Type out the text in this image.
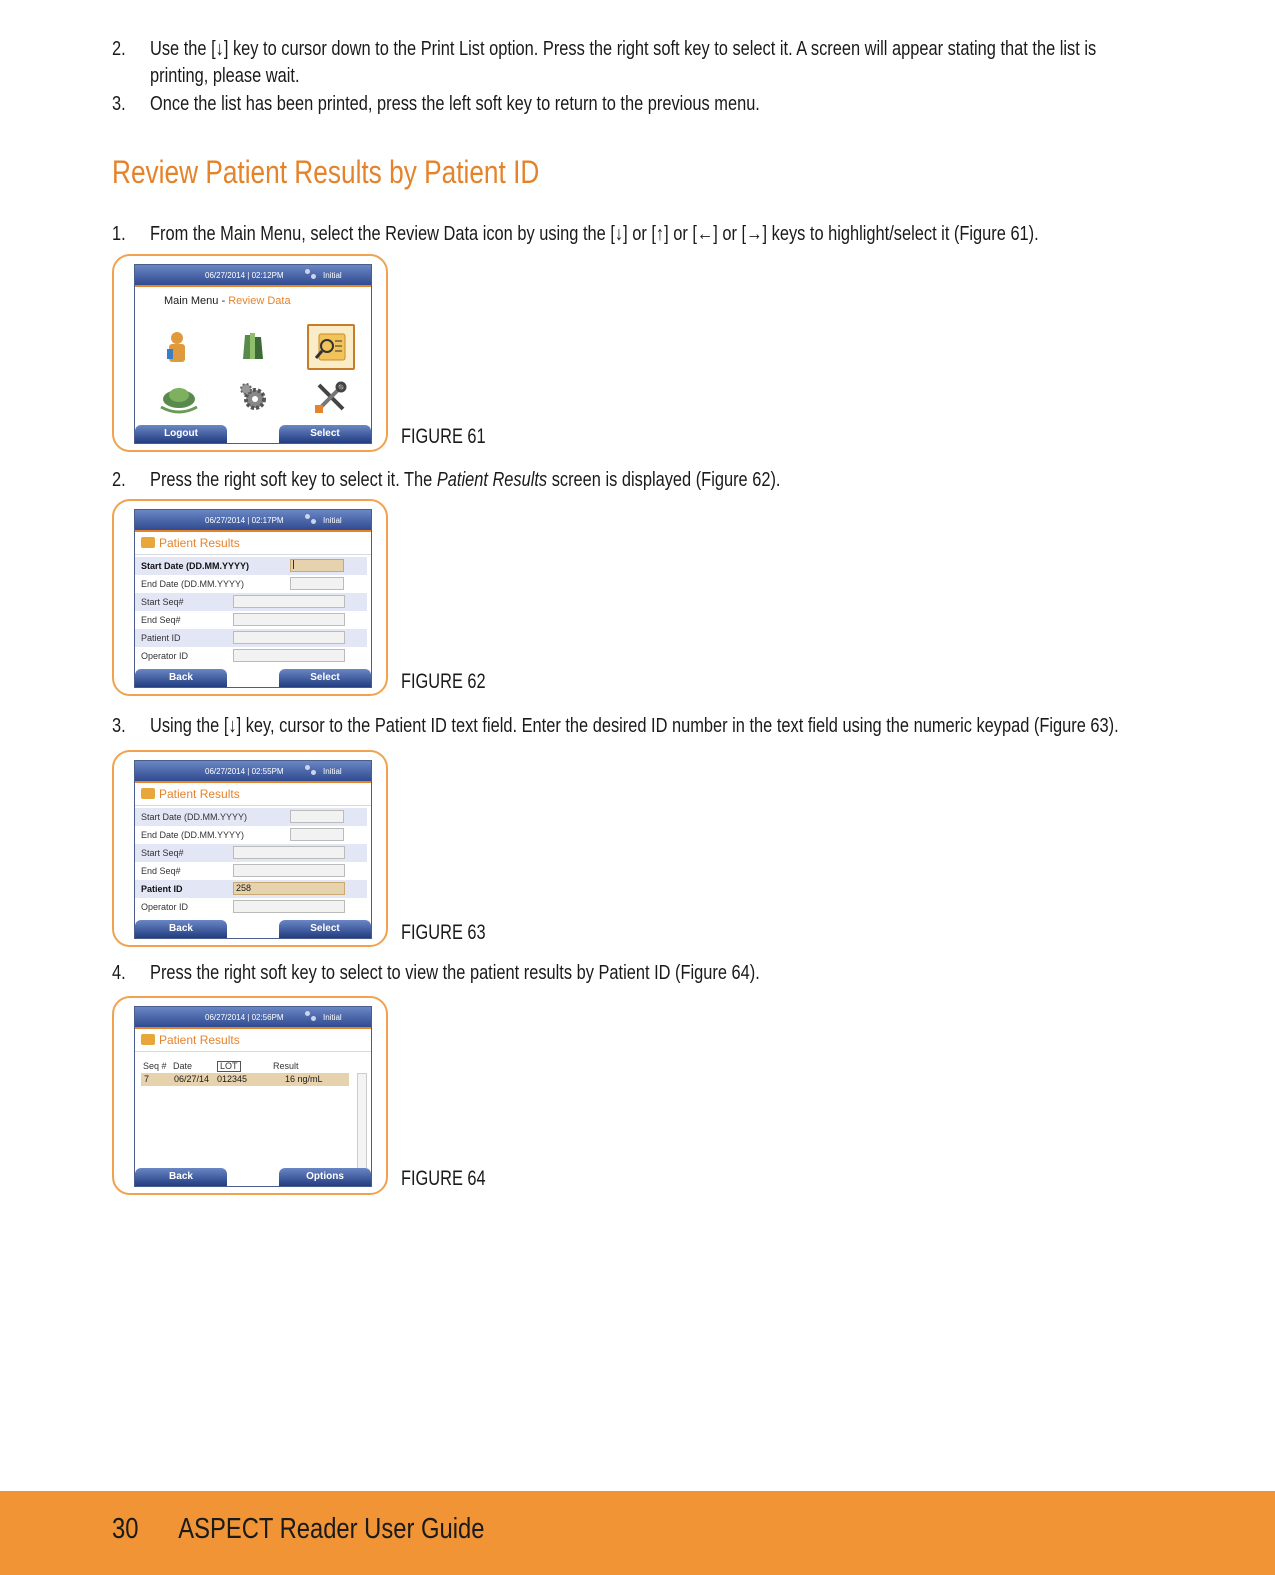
2.	Use the [↓] key to cursor down to the Print List option. Press the right soft key to select it. A screen will appear stating that the list is
printing, please wait.
3.	Once the list has been printed, press the left soft key to return to the previous menu.
Review Patient Results by Patient ID
1.	From the Main Menu, select the Review Data icon by using the [↓] or [↑] or [←] or [→] keys to highlight/select it (Figure 61).
06/27/2014 | 02:12PM	Initial
Main Menu - Review Data
Logout	Select	FIGURE 61
2.	Press the right soft key to select it. The Patient Results screen is displayed (Figure 62).
06/27/2014 | 02:17PM	Initial
Patient Results
Start Date (DD.MM.YYYY)
End Date (DD.MM.YYYY)
Start Seq#
End Seq#
Patient ID
Operator ID
Back	Select	FIGURE 62
3.	Using the [↓] key, cursor to the Patient ID text field. Enter the desired ID number in the text field using the numeric keypad (Figure 63).
06/27/2014 | 02:55PM	Initial
Patient Results
Start Date (DD.MM.YYYY)
End Date (DD.MM.YYYY)
Start Seq#
End Seq#
Patient ID	258
Operator ID
Back	Select	FIGURE 63
4.	Press the right soft key to select to view the patient results by Patient ID (Figure 64).
06/27/2014 | 02:56PM	Initial
Patient Results
Seq # Date	LOT	Result
7	06/27/14 012345	16 ng/mL
Back	Options	FIGURE 64
30 ASPECT Reader User Guide
